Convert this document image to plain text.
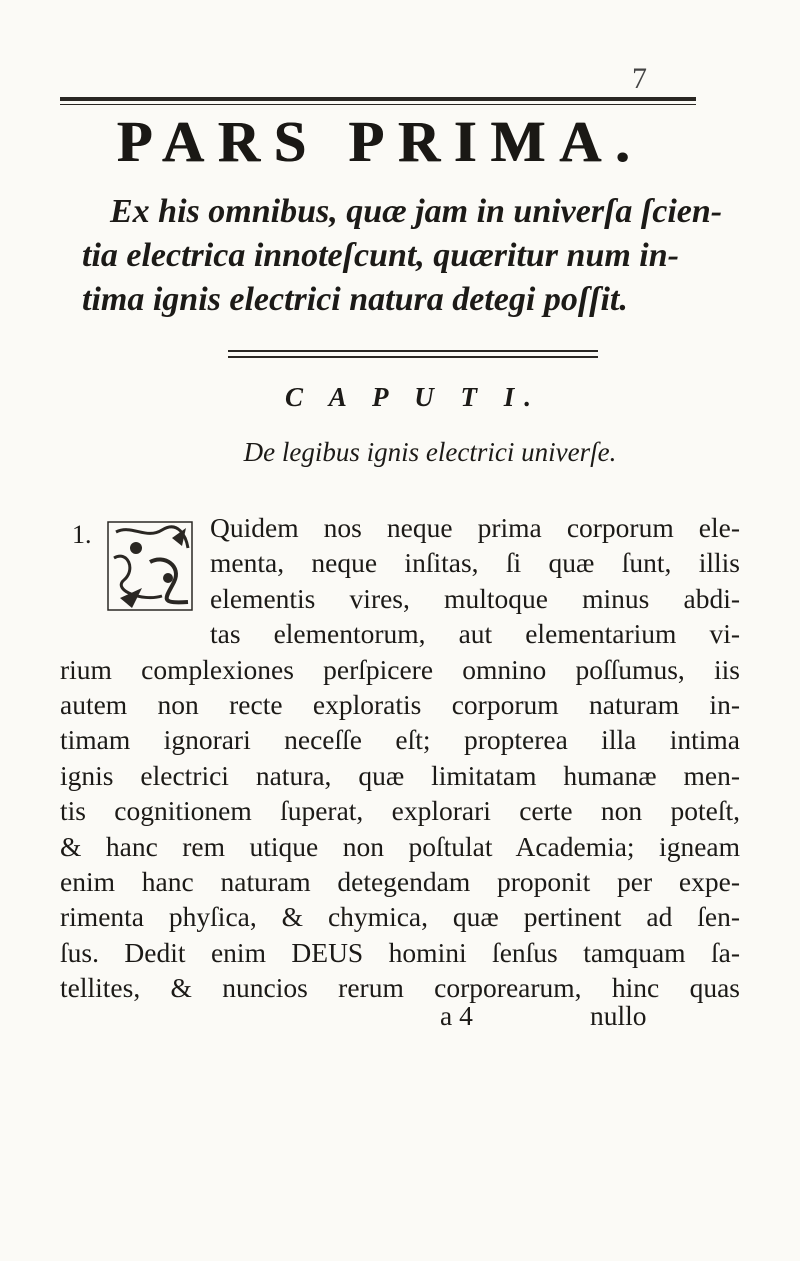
7
PARS PRIMA.
Ex his omnibus, quæ jam in univerſa ſcien-
tia electrica innoteſcunt, quæritur num in-
tima ignis electrici natura detegi poſſit.
C A P U T I.
De legibus ignis electrici univerſe.
1.	Quidem nos neque prima corporum ele-
menta, neque inſitas, ſi quæ ſunt, illis
elementis vires, multoque minus abdi-
tas elementorum, aut elementarium vi-
rium complexiones perſpicere omnino poſſumus, iis
autem non recte exploratis corporum naturam in-
timam ignorari neceſſe eſt; propterea illa intima
ignis electrici natura, quæ limitatam humanæ men-
tis cognitionem ſuperat, explorari certe non poteſt,
& hanc rem utique non poſtulat Academia; igneam
enim hanc naturam detegendam proponit per expe-
rimenta phyſica, & chymica, quæ pertinent ad ſen-
ſus. Dedit enim DEUS homini ſenſus tamquam ſa-
tellites, & nuncios rerum corporearum, hinc quas
a 4	nullo
